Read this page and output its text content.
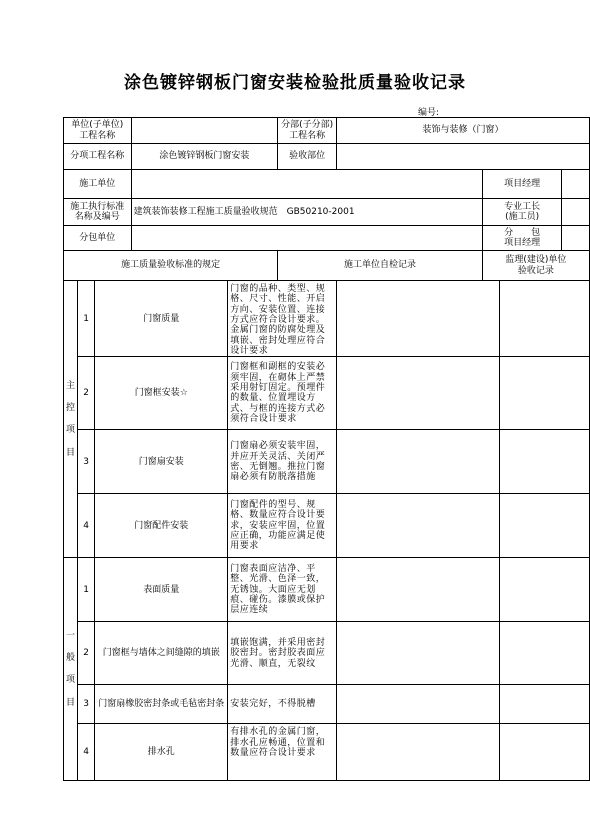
涂色镀锌钢板门窗安装检验批质量验收记录
编号:
单位(子单位)
工程名称					分部(子分部)
工程名称	装饰与装修（门窗）			
分项工程名称			涂色镀锌钢板门窗安装		验收部位				
施工单位							项目经理		
施工执行标准
名称及编号			建筑装饰装修工程施工质量验收规范　GB50210-2001				专业工长
(施工员)		
分包单位							分　　包
项目经理		
施工质量验收标准的规定					施工单位自检记录		监理(建设)单位
验收记录		

主
控
项
目	1	门窗质量		门窗的品种、类型、规格、尺寸、性能、开启方向、安装位置、连接方式应符合设计要求。金属门窗的防腐处理及填嵌、密封处理应符合设计要求					
	2	门窗框安装☆		门窗框和副框的安装必须牢固，在砌体上严禁采用射钉固定。预埋件的数量、位置埋设方式、与框的连接方式必须符合设计要求					
	3	门窗扇安装		门窗扇必须安装牢固，并应开关灵活、关闭严密、无倒翘。推拉门窗扇必须有防脱落措施					
	4	门窗配件安装		门窗配件的型号、规格、数量应符合设计要求，安装应牢固，位置应正确，功能应满足使用要求					

一
般
项
目	1	表面质量		门窗表面应洁净、平整、光滑、色泽一致，无锈蚀。大面应无划痕、碰伤。漆膜或保护层应连续					
	2	门窗框与墙体之间缝隙的填嵌		填嵌饱满，并采用密封胶密封。密封胶表面应光滑、顺直，无裂纹					
	3	门窗扇橡胶密封条或毛毡密封条		安装完好，不得脱槽					
	4	排水孔		有排水孔的金属门窗，排水孔应畅通，位置和数量应符合设计要求					
